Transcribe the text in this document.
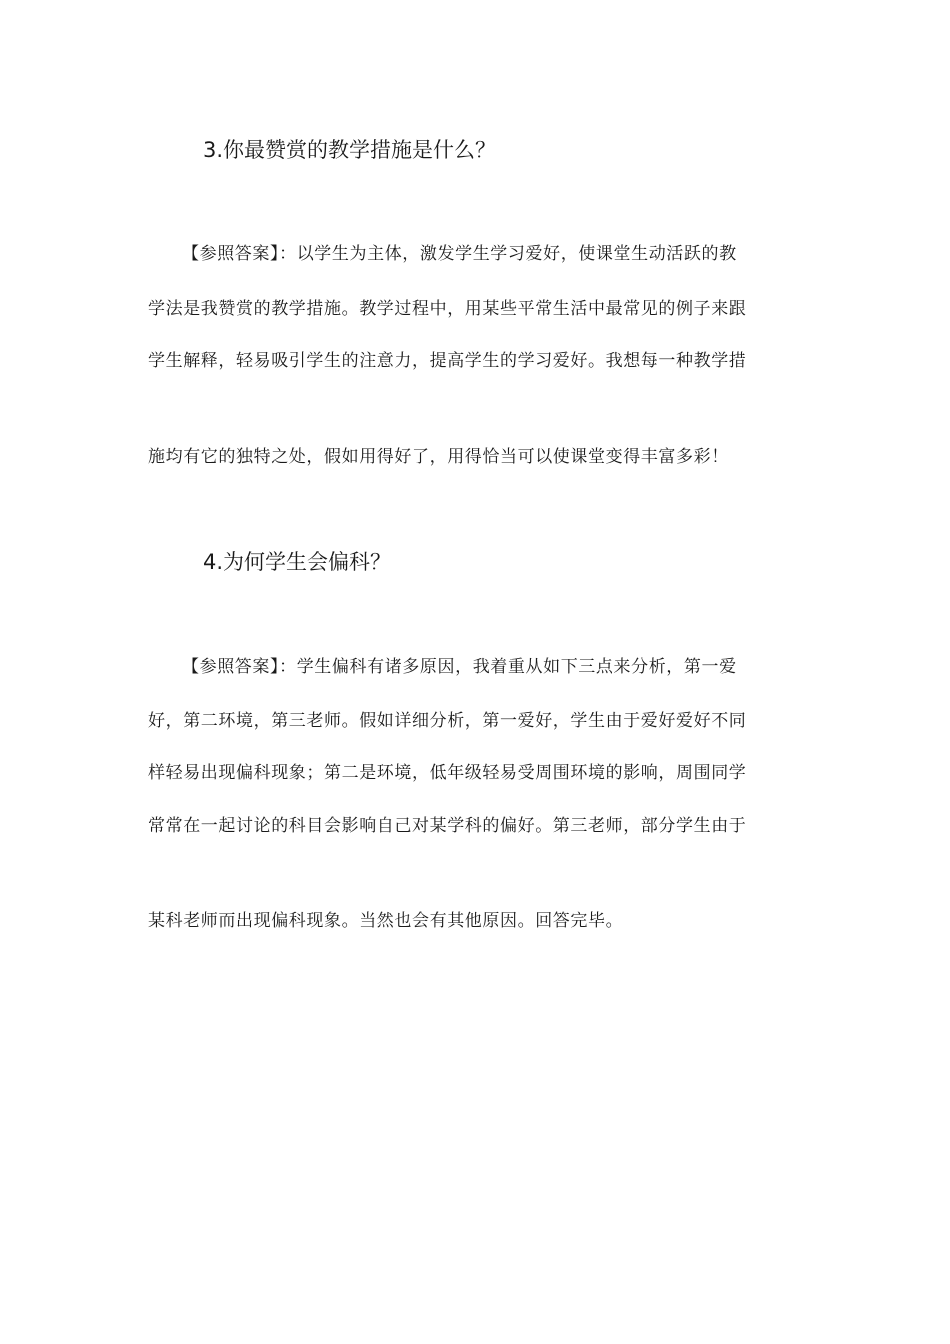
3.你最赞赏的教学措施是什么？

【参照答案】：以学生为主体，激发学生学习爱好，使课堂生动活跃的教

学法是我赞赏的教学措施。教学过程中，用某些平常生活中最常见的例子来跟

学生解释，轻易吸引学生的注意力，提高学生的学习爱好。我想每一种教学措

施均有它的独特之处，假如用得好了，用得恰当可以使课堂变得丰富多彩！

4.为何学生会偏科？

【参照答案】：学生偏科有诸多原因，我着重从如下三点来分析，第一爱

好，第二环境，第三老师。假如详细分析，第一爱好，学生由于爱好爱好不同

样轻易出现偏科现象；第二是环境，低年级轻易受周围环境的影响，周围同学

常常在一起讨论的科目会影响自己对某学科的偏好。第三老师，部分学生由于

某科老师而出现偏科现象。当然也会有其他原因。回答完毕。
